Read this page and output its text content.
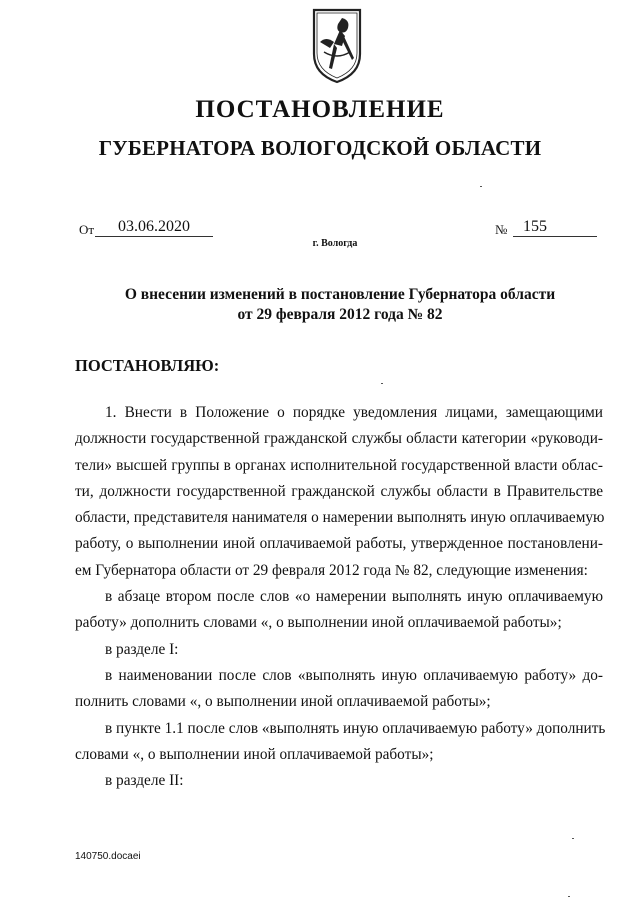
ПОСТАНОВЛЕНИЕ
ГУБЕРНАТОРА ВОЛОГОДСКОЙ ОБЛАСТИ
От	03.06.2020	№ 155
г. Вологда
О внесении изменений в постановление Губернатора области
от 29 февраля 2012 года № 82
ПОСТАНОВЛЯЮ:
1. Внести в Положение о порядке уведомления лицами, замещающими
должности государственной гражданской службы области категории «руководи-
тели» высшей группы в органах исполнительной государственной власти облас-
ти, должности государственной гражданской службы области в Правительстве
области, представителя нанимателя о намерении выполнять иную оплачиваемую
работу, о выполнении иной оплачиваемой работы, утвержденное постановлени-
ем Губернатора области от 29 февраля 2012 года № 82, следующие изменения:
в абзаце втором после слов «о намерении выполнять иную оплачиваемую
работу» дополнить словами «, о выполнении иной оплачиваемой работы»;
в разделе I:
в наименовании после слов «выполнять иную оплачиваемую работу» до-
полнить словами «, о выполнении иной оплачиваемой работы»;
в пункте 1.1 после слов «выполнять иную оплачиваемую работу» дополнить
словами «, о выполнении иной оплачиваемой работы»;
в разделе II:
140750.docaei
